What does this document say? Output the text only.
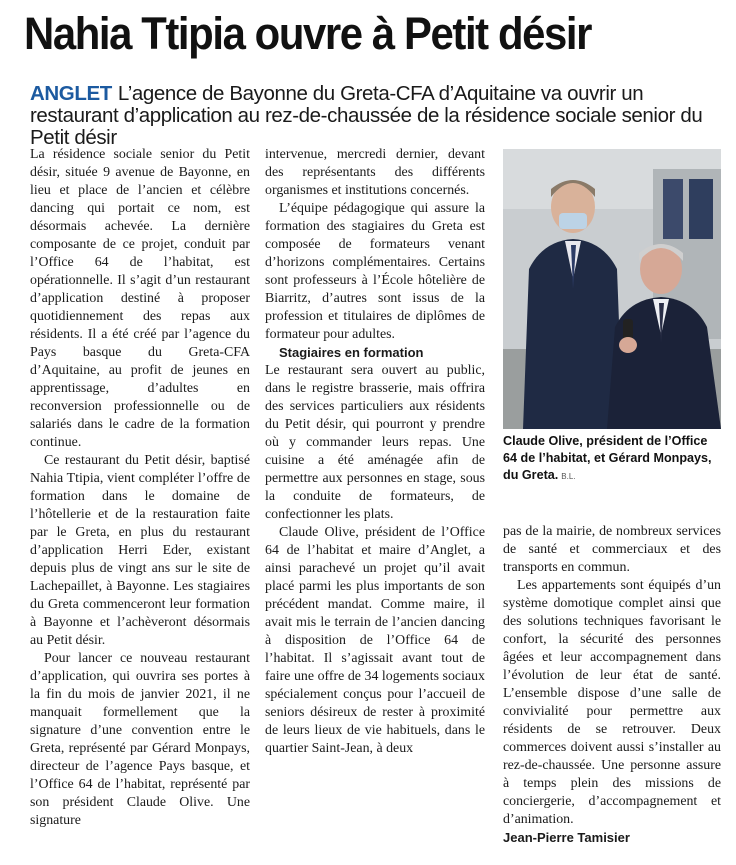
Nahia Ttipia ouvre à Petit désir
ANGLET L’agence de Bayonne du Greta-CFA d’Aquitaine va ouvrir un restaurant d’application au rez-de-chaussée de la résidence sociale senior du Petit désir

La résidence sociale senior du Petit désir, située 9 avenue de Bayonne, en lieu et place de l’ancien et célèbre dancing qui portait ce nom, est désormais achevée. La dernière composante de ce projet, conduit par l’Office 64 de l’habitat, est opérationnelle. Il s’agit d’un restaurant d’application destiné à proposer quotidiennement des repas aux résidents. Il a été créé par l’agence du Pays basque du Greta-CFA d’Aquitaine, au profit de jeunes en apprentissage, d’adultes en reconversion professionnelle ou de salariés dans le cadre de la formation continue.

Ce restaurant du Petit désir, baptisé Nahia Ttipia, vient compléter l’offre de formation dans le domaine de l’hôtellerie et de la restauration faite par le Greta, en plus du restaurant d’application Herri Eder, existant depuis plus de vingt ans sur le site de Lachepaillet, à Bayonne. Les stagiaires du Greta commenceront leur formation à Bayonne et l’achèveront désormais au Petit désir.

Pour lancer ce nouveau restaurant d’application, qui ouvrira ses portes à la fin du mois de janvier 2021, il ne manquait formellement que la signature d’une convention entre le Greta, représenté par Gérard Monpays, directeur de l’agence Pays basque, et l’Office 64 de l’habitat, représenté par son président Claude Olive. Une signature

intervenue, mercredi dernier, devant des représentants des différents organismes et institutions concernés.

L’équipe pédagogique qui assure la formation des stagiaires du Greta est composée de formateurs venant d’horizons complémentaires. Certains sont professeurs à l’École hôtelière de Biarritz, d’autres sont issus de la profession et titulaires de diplômes de formateur pour adultes.

Stagiaires en formation

Le restaurant sera ouvert au public, dans le registre brasserie, mais offrira des services particuliers aux résidents du Petit désir, qui pourront y prendre où y commander leurs repas. Une cuisine a été aménagée afin de permettre aux personnes en stage, sous la conduite de formateurs, de confectionner les plats.

Claude Olive, président de l’Office 64 de l’habitat et maire d’Anglet, a ainsi parachevé un projet qu’il avait placé parmi les plus importants de son précédent mandat. Comme maire, il avait mis le terrain de l’ancien dancing à disposition de l’Office 64 de l’habitat. Il s’agissait avant tout de faire une offre de 34 logements sociaux spécialement conçus pour l’accueil de seniors désireux de rester à proximité de leurs lieux de vie habituels, dans le quartier Saint-Jean, à deux

Claude Olive, président de l’Office 64 de l’habitat, et Gérard Monpays, du Greta. B.L.

pas de la mairie, de nombreux services de santé et commerciaux et des transports en commun.

Les appartements sont équipés d’un système domotique complet ainsi que des solutions techniques favorisant le confort, la sécurité des personnes âgées et leur accompagnement dans l’évolution de leur état de santé. L’ensemble dispose d’une salle de convivialité pour permettre aux résidents de se retrouver. Deux commerces doivent aussi s’installer au rez-de-chaussée. Une personne assure à temps plein des missions de conciergerie, d’accompagnement et d’animation.

Jean-Pierre Tamisier
